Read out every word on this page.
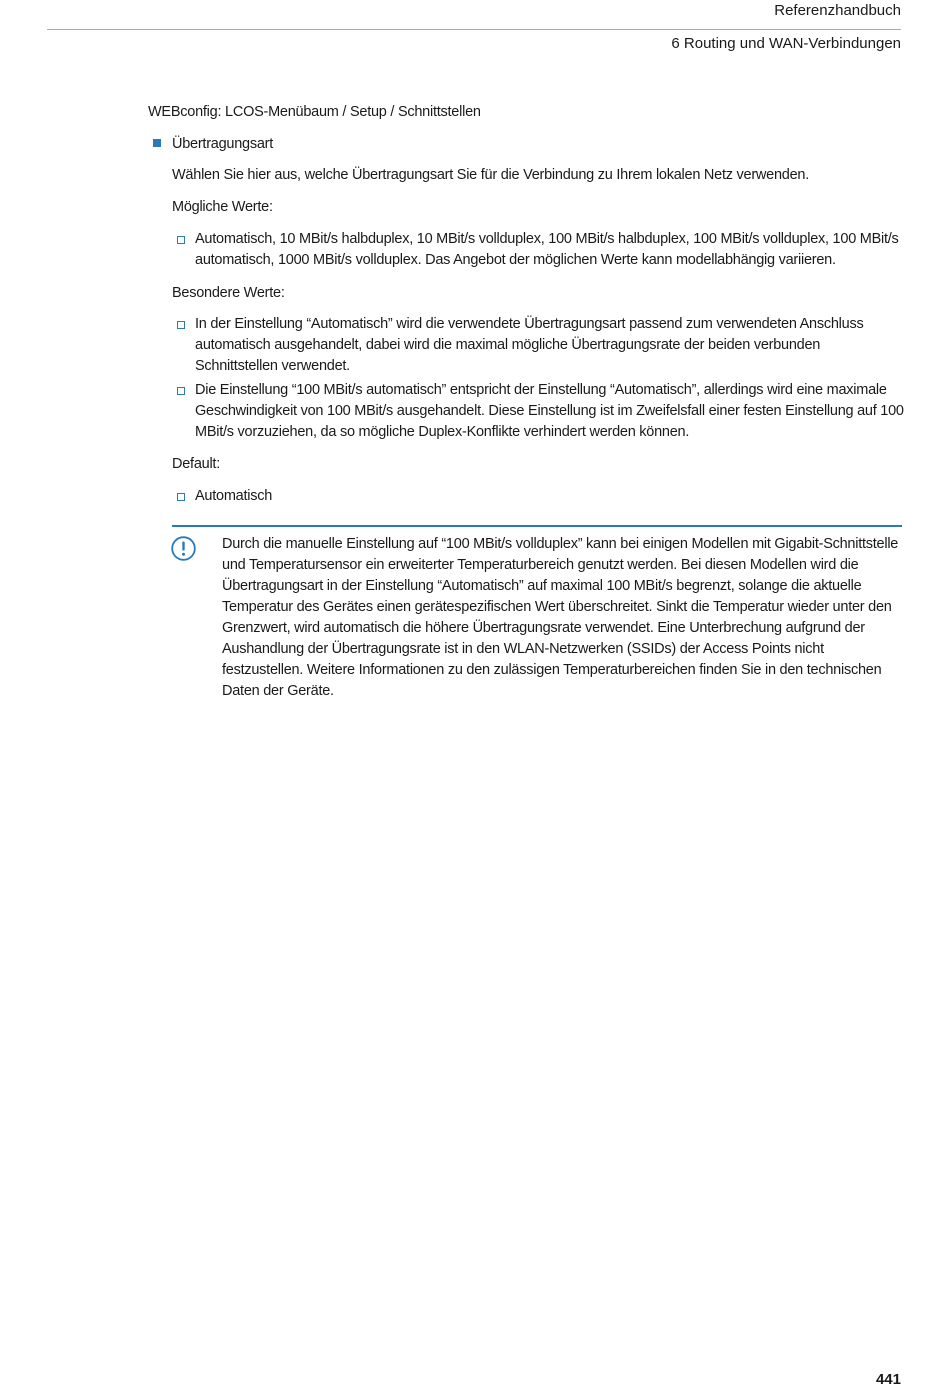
Referenzhandbuch
6 Routing und WAN-Verbindungen
WEBconfig: LCOS-Menübaum / Setup / Schnittstellen
Übertragungsart
Wählen Sie hier aus, welche Übertragungsart Sie für die Verbindung zu Ihrem lokalen Netz verwenden.
Mögliche Werte:
Automatisch, 10 MBit/s halbduplex, 10 MBit/s vollduplex, 100 MBit/s halbduplex, 100 MBit/s vollduplex, 100 MBit/s automatisch, 1000 MBit/s vollduplex. Das Angebot der möglichen Werte kann modellabhängig variieren.
Besondere Werte:
In der Einstellung “Automatisch” wird die verwendete Übertragungsart passend zum verwendeten Anschluss automatisch ausgehandelt, dabei wird die maximal mögliche Übertragungsrate der beiden verbunden Schnittstellen verwendet.
Die Einstellung “100 MBit/s automatisch” entspricht der Einstellung “Automatisch”, allerdings wird eine maximale Geschwindigkeit von 100 MBit/s ausgehandelt. Diese Einstellung ist im Zweifelsfall einer festen Einstellung auf 100 MBit/s vorzuziehen, da so mögliche Duplex-Konflikte verhindert werden können.
Default:
Automatisch
Durch die manuelle Einstellung auf “100 MBit/s vollduplex” kann bei einigen Modellen mit Gigabit-Schnittstelle und Temperatursensor ein erweiterter Temperaturbereich genutzt werden. Bei diesen Modellen wird die Übertragungsart in der Einstellung “Automatisch” auf maximal 100 MBit/s begrenzt, solange die aktuelle Temperatur des Gerätes einen gerätespezifischen Wert überschreitet. Sinkt die Temperatur wieder unter den Grenzwert, wird automatisch die höhere Übertragungsrate verwendet. Eine Unterbrechung aufgrund der Aushandlung der Übertragungsrate ist in den WLAN-Netzwerken (SSIDs) der Access Points nicht festzustellen. Weitere Informationen zu den zulässigen Temperaturbereichen finden Sie in den technischen Daten der Geräte.
441
